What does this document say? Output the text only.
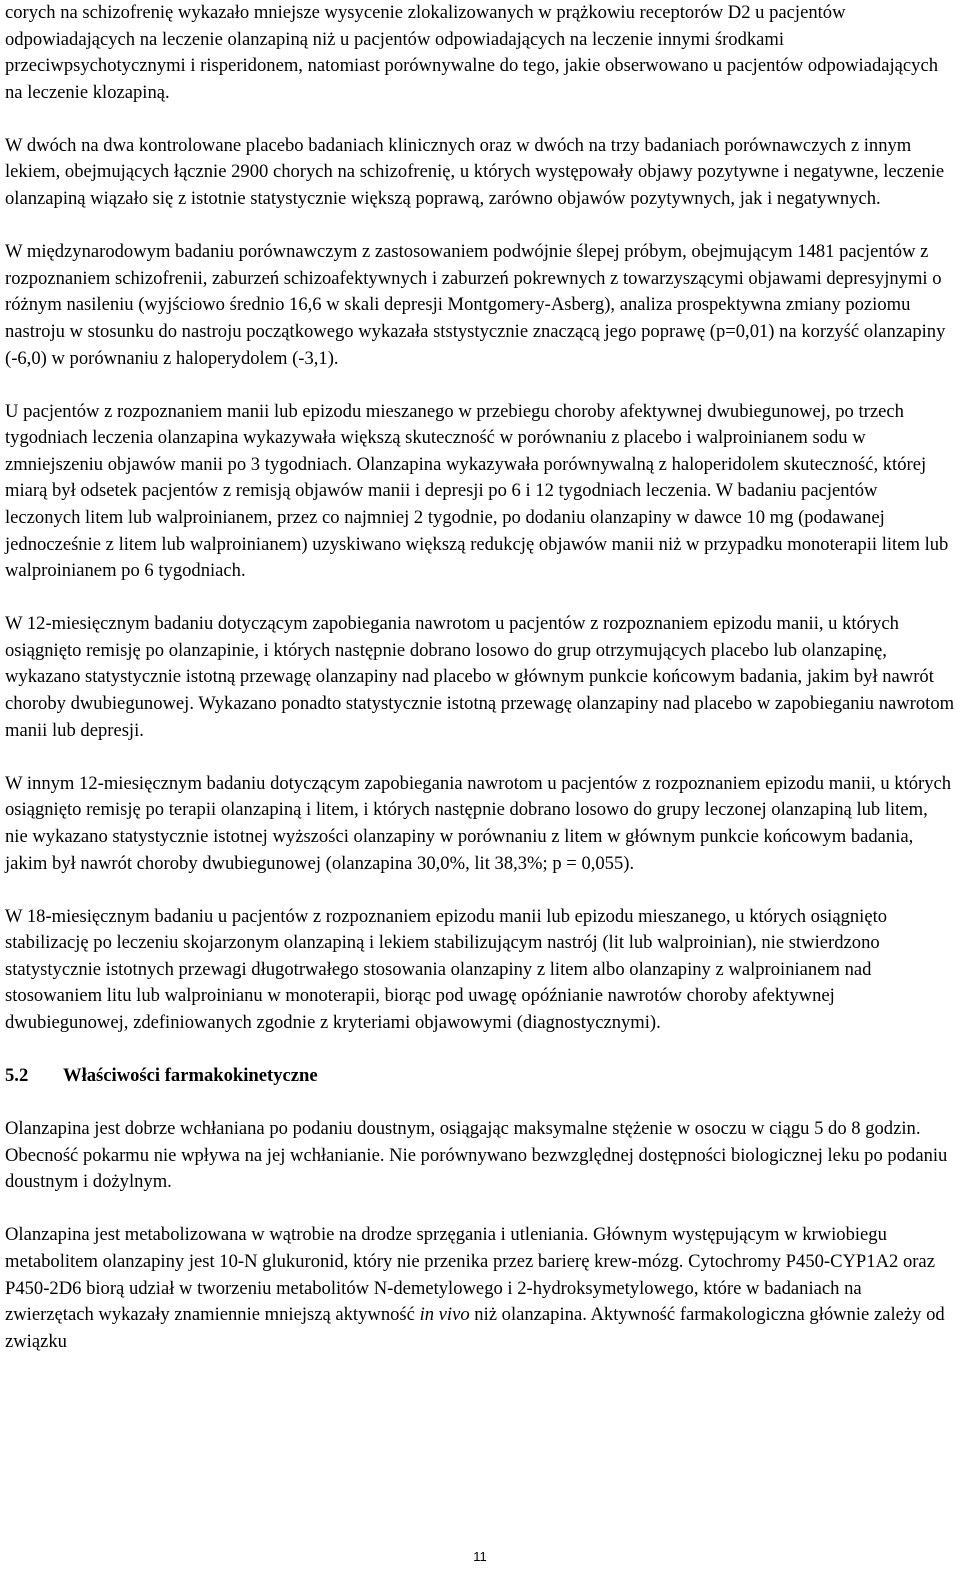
corych na schizofrenię wykazało mniejsze wysycenie zlokalizowanych w prążkowiu receptorów D2 u pacjentów odpowiadających na leczenie olanzapiną niż u pacjentów odpowiadających na leczenie innymi środkami przeciwpsychotycznymi i risperidonem, natomiast porównywalne do tego, jakie obserwowano u pacjentów odpowiadających na leczenie klozapiną.

W dwóch na dwa kontrolowane placebo badaniach klinicznych oraz w dwóch na trzy badaniach porównawczych z innym lekiem, obejmujących łącznie 2900 chorych na schizofrenię, u których występowały objawy pozytywne i negatywne, leczenie olanzapiną wiązało się z istotnie statystycznie większą poprawą, zarówno objawów pozytywnych, jak i negatywnych.

W międzynarodowym badaniu porównawczym z zastosowaniem podwójnie ślepej próbym, obejmującym 1481 pacjentów z rozpoznaniem schizofrenii, zaburzeń schizoafektywnych i zaburzeń pokrewnych z towarzyszącymi objawami depresyjnymi o różnym nasileniu (wyjściowo średnio 16,6 w skali depresji Montgomery-Asberg), analiza prospektywna zmiany poziomu nastroju w stosunku do nastroju początkowego wykazała ststystycznie znaczącą jego poprawę (p=0,01) na korzyść olanzapiny (-6,0) w porównaniu z haloperydolem (-3,1).

U pacjentów z rozpoznaniem manii lub epizodu mieszanego w przebiegu choroby afektywnej dwubiegunowej, po trzech tygodniach leczenia olanzapina wykazywała większą skuteczność w porównaniu z placebo i walproinianem sodu w zmniejszeniu objawów manii po 3 tygodniach. Olanzapina wykazywała porównywalną z haloperidolem skuteczność, której miarą był odsetek pacjentów z remisją objawów manii i depresji po 6 i 12 tygodniach leczenia. W badaniu pacjentów leczonych litem lub walproinianem, przez co najmniej 2 tygodnie, po dodaniu olanzapiny w dawce 10 mg (podawanej jednocześnie z litem lub walproinianem) uzyskiwano większą redukcję objawów manii niż w przypadku monoterapii litem lub walproinianem po 6 tygodniach.

W 12-miesięcznym badaniu dotyczącym zapobiegania nawrotom u pacjentów z rozpoznaniem epizodu manii, u których osiągnięto remisję po olanzapinie, i których następnie dobrano losowo do grup otrzymujących placebo lub olanzapinę, wykazano statystycznie istotną przewagę olanzapiny nad placebo w głównym punkcie końcowym badania, jakim był nawrót choroby dwubiegunowej. Wykazano ponadto statystycznie istotną przewagę olanzapiny nad placebo w zapobieganiu nawrotom manii lub depresji.

W innym 12-miesięcznym badaniu dotyczącym zapobiegania nawrotom u pacjentów z rozpoznaniem epizodu manii, u których osiągnięto remisję po terapii olanzapiną i litem, i których następnie dobrano losowo do grupy leczonej olanzapiną lub litem, nie wykazano statystycznie istotnej wyższości olanzapiny w porównaniu z litem w głównym punkcie końcowym badania, jakim był nawrót choroby dwubiegunowej (olanzapina 30,0%, lit 38,3%; p = 0,055).

W 18-miesięcznym badaniu u pacjentów z rozpoznaniem epizodu manii lub epizodu mieszanego, u których osiągnięto stabilizację po leczeniu skojarzonym olanzapiną i lekiem stabilizującym nastrój (lit lub walproinian), nie stwierdzono statystycznie istotnych przewagi długotrwałego stosowania olanzapiny z litem albo olanzapiny z walproinianem nad stosowaniem litu lub walproinianu w monoterapii, biorąc pod uwagę opóźnianie nawrotów choroby afektywnej dwubiegunowej, zdefiniowanych zgodnie z kryteriami objawowymi (diagnostycznymi).

5.2 Właściwości farmakokinetyczne

Olanzapina jest dobrze wchłaniana po podaniu doustnym, osiągając maksymalne stężenie w osoczu w ciągu 5 do 8 godzin. Obecność pokarmu nie wpływa na jej wchłanianie. Nie porównywano bezwzględnej dostępności biologicznej leku po podaniu doustnym i dożylnym.

Olanzapina jest metabolizowana w wątrobie na drodze sprzęgania i utleniania. Głównym występującym w krwiobiegu metabolitem olanzapiny jest 10-N glukuronid, który nie przenika przez barierę krew-mózg. Cytochromy P450-CYP1A2 oraz P450-2D6 biorą udział w tworzeniu metabolitów N-demetylowego i 2-hydroksymetylowego, które w badaniach na zwierzętach wykazały znamiennie mniejszą aktywność in vivo niż olanzapina. Aktywność farmakologiczna głównie zależy od związku

11
